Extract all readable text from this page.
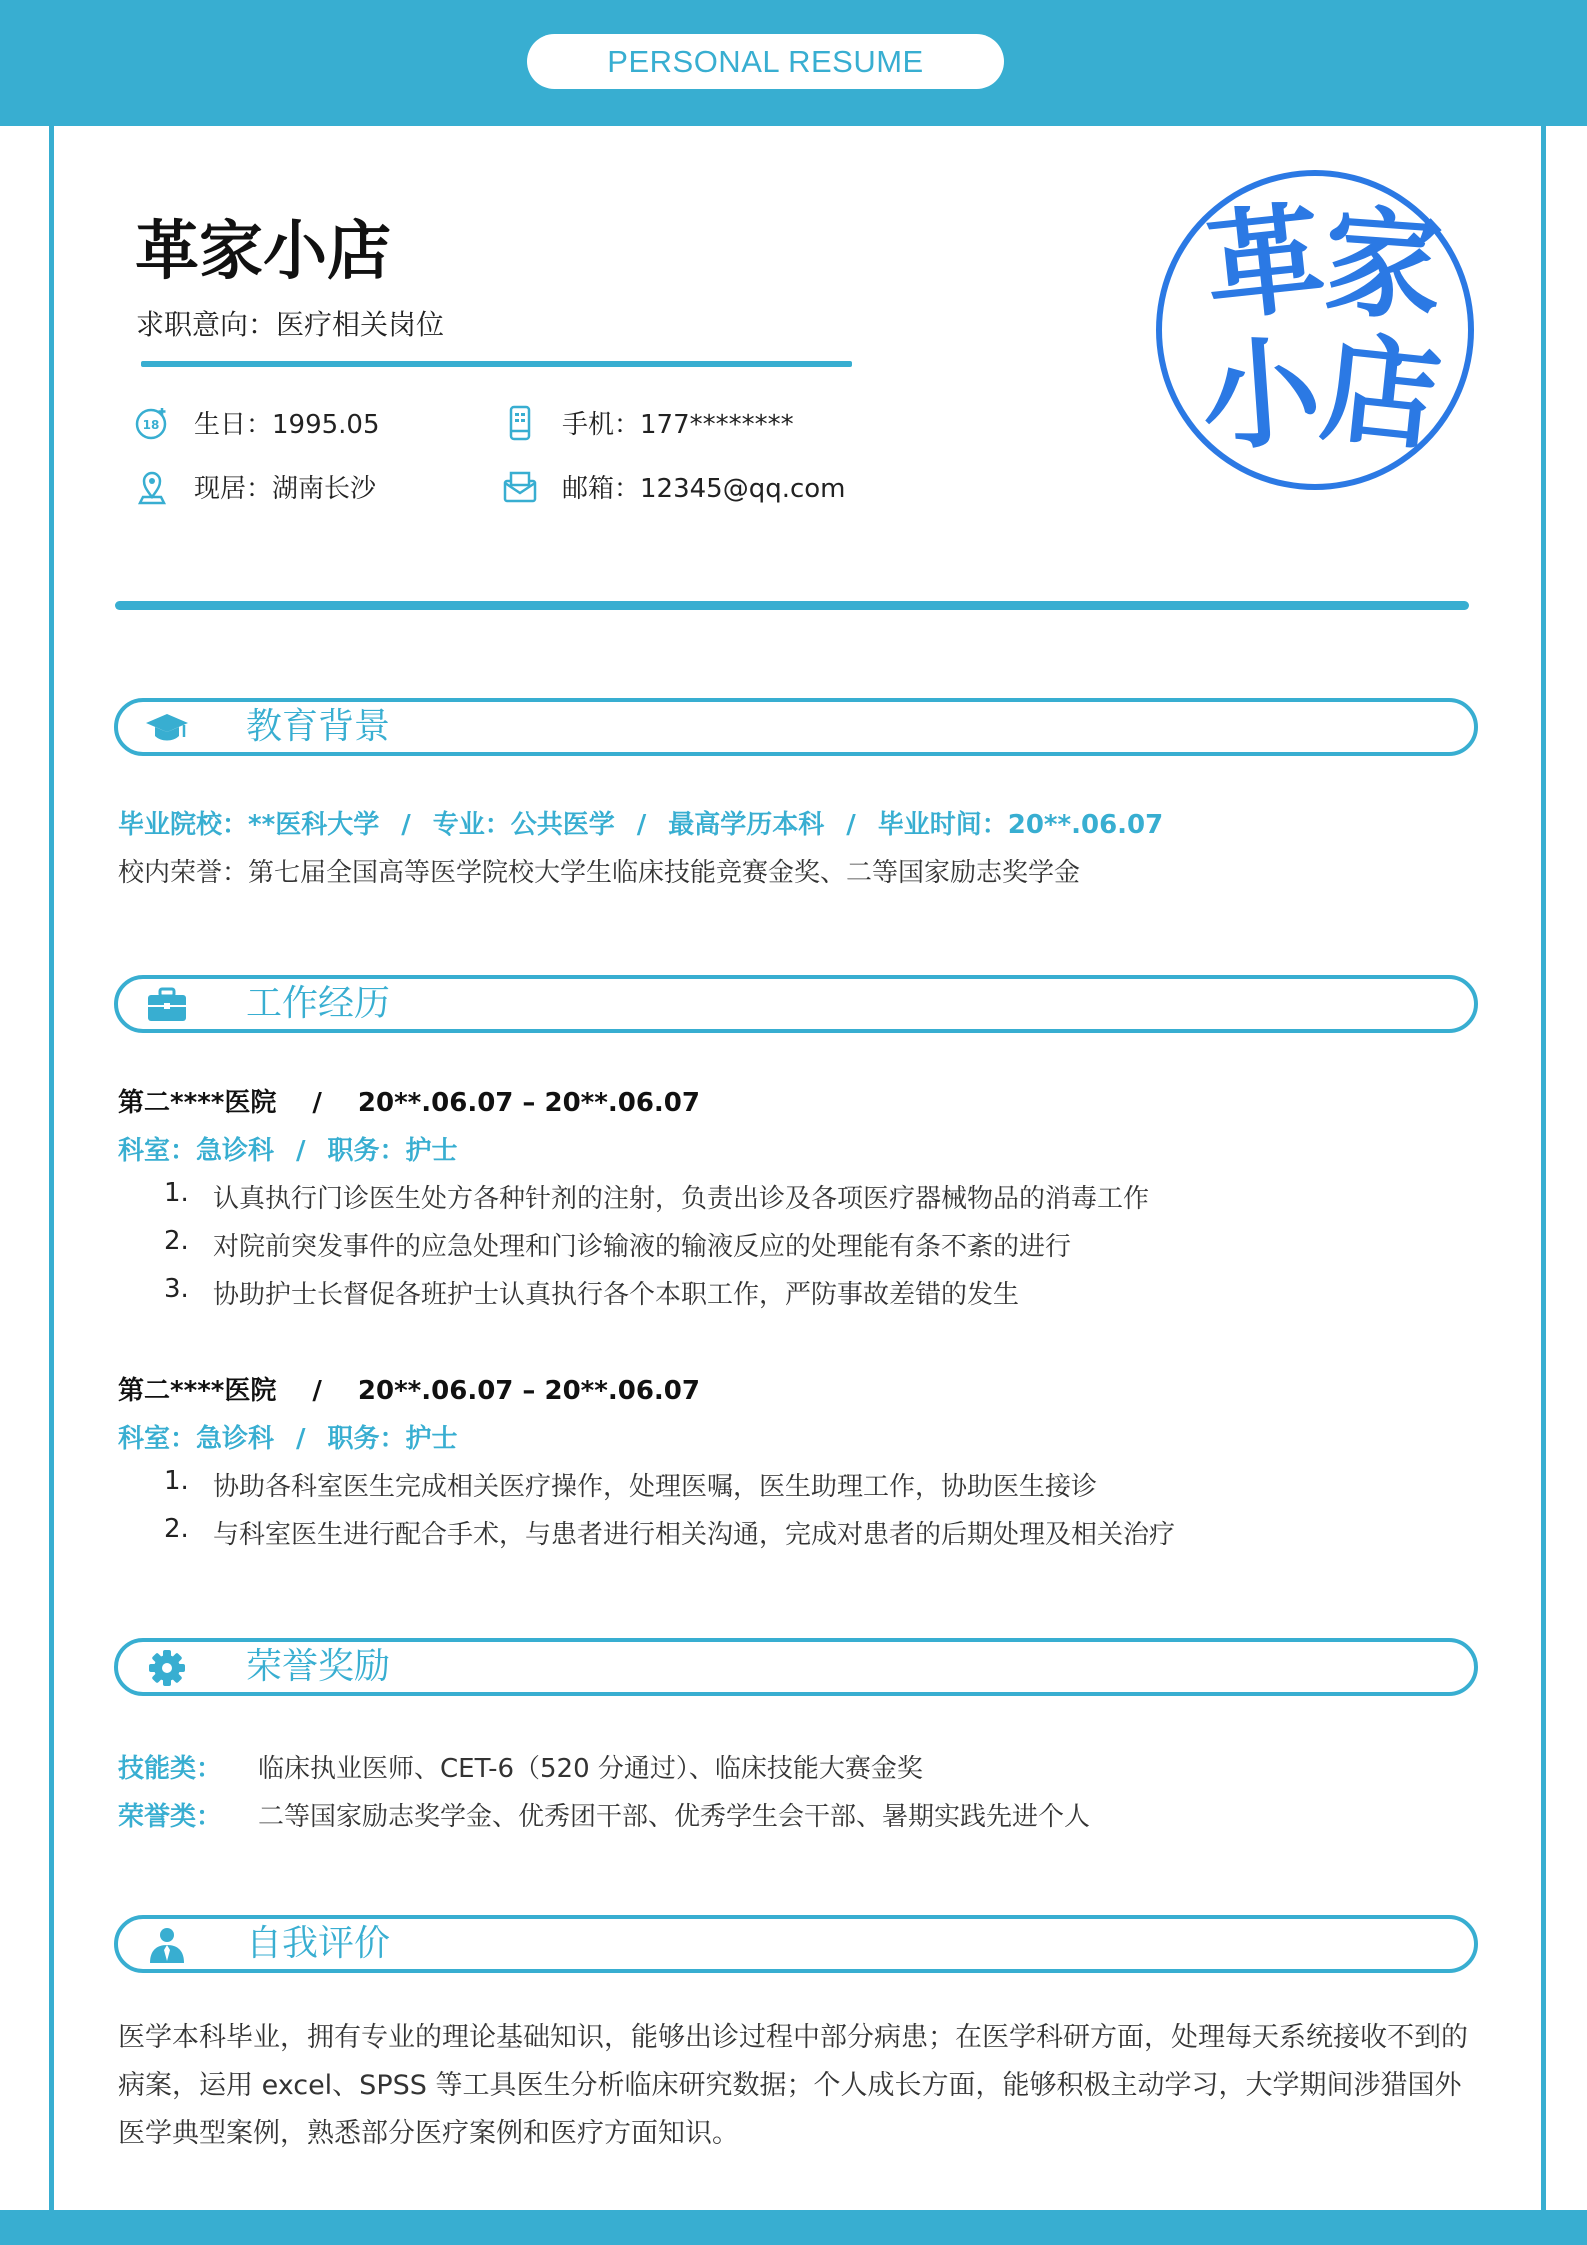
PERSONAL RESUME
革家小店
求职意向：医疗相关岗位
18 生日：1995.05	手机：177********
现居：湖南长沙	邮箱：12345@qq.com
革
家
小
店
教育背景
毕业院校：**医科大学 / 专业：公共医学 / 最高学历本科 / 毕业时间：20**.06.07
校内荣誉：第七届全国高等医学院校大学生临床技能竞赛金奖、二等国家励志奖学金
工作经历
第二****医院 / 20**.06.07 – 20**.06.07
科室：急诊科 / 职务：护士
1. 认真执行门诊医生处方各种针剂的注射，负责出诊及各项医疗器械物品的消毒工作
2. 对院前突发事件的应急处理和门诊输液的输液反应的处理能有条不紊的进行
3. 协助护士长督促各班护士认真执行各个本职工作，严防事故差错的发生
第二****医院 / 20**.06.07 – 20**.06.07
科室：急诊科 / 职务：护士
1. 协助各科室医生完成相关医疗操作，处理医嘱，医生助理工作，协助医生接诊
2. 与科室医生进行配合手术，与患者进行相关沟通，完成对患者的后期处理及相关治疗
荣誉奖励
技能类： 临床执业医师、CET-6（520 分通过）、临床技能大赛金奖
荣誉类： 二等国家励志奖学金、优秀团干部、优秀学生会干部、暑期实践先进个人
自我评价
医学本科毕业，拥有专业的理论基础知识，能够出诊过程中部分病患；在医学科研方面，处理每天系统接收不到的病案，运用 excel、SPSS 等工具医生分析临床研究数据；个人成长方面，能够积极主动学习，大学期间涉猎国外医学典型案例，熟悉部分医疗案例和医疗方面知识。
